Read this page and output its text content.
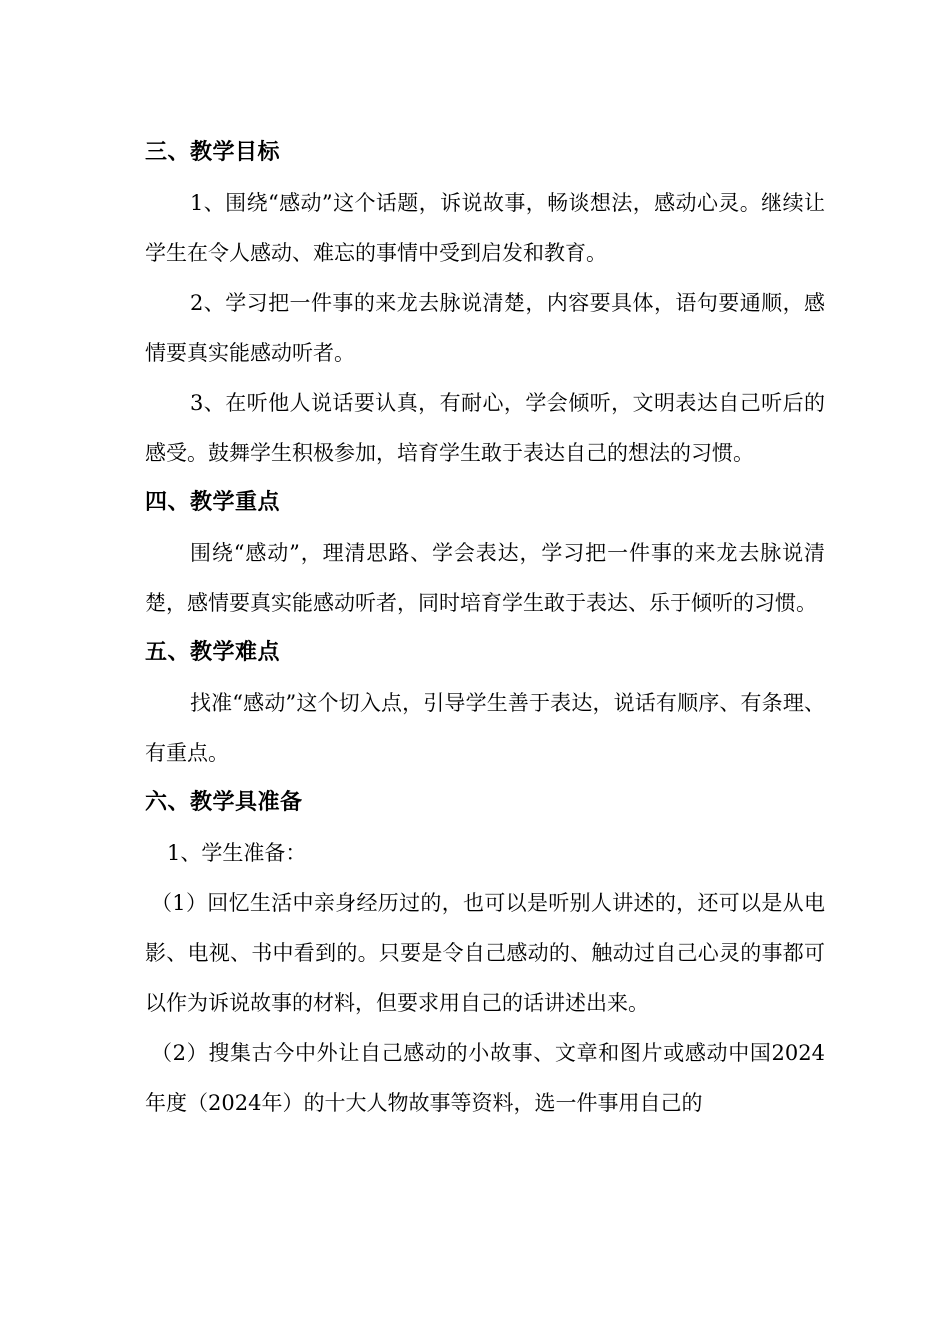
三、教学目标

1、围绕“感动”这个话题，诉说故事，畅谈想法，感动心灵。继续让学生在令人感动、难忘的事情中受到启发和教育。

2、学习把一件事的来龙去脉说清楚，内容要具体，语句要通顺，感情要真实能感动听者。

3、在听他人说话要认真，有耐心，学会倾听，文明表达自己听后的感受。鼓舞学生积极参加，培育学生敢于表达自己的想法的习惯。

四、教学重点

围绕“感动”，理清思路、学会表达，学习把一件事的来龙去脉说清楚，感情要真实能感动听者，同时培育学生敢于表达、乐于倾听的习惯。

五、教学难点

找准“感动”这个切入点，引导学生善于表达，说话有顺序、有条理、有重点。

六、教学具准备

1、学生准备：

（1）回忆生活中亲身经历过的，也可以是听别人讲述的，还可以是从电影、电视、书中看到的。只要是令自己感动的、触动过自己心灵的事都可以作为诉说故事的材料，但要求用自己的话讲述出来。

（2）搜集古今中外让自己感动的小故事、文章和图片或感动中国2024年度（2024年）的十大人物故事等资料，选一件事用自己的
